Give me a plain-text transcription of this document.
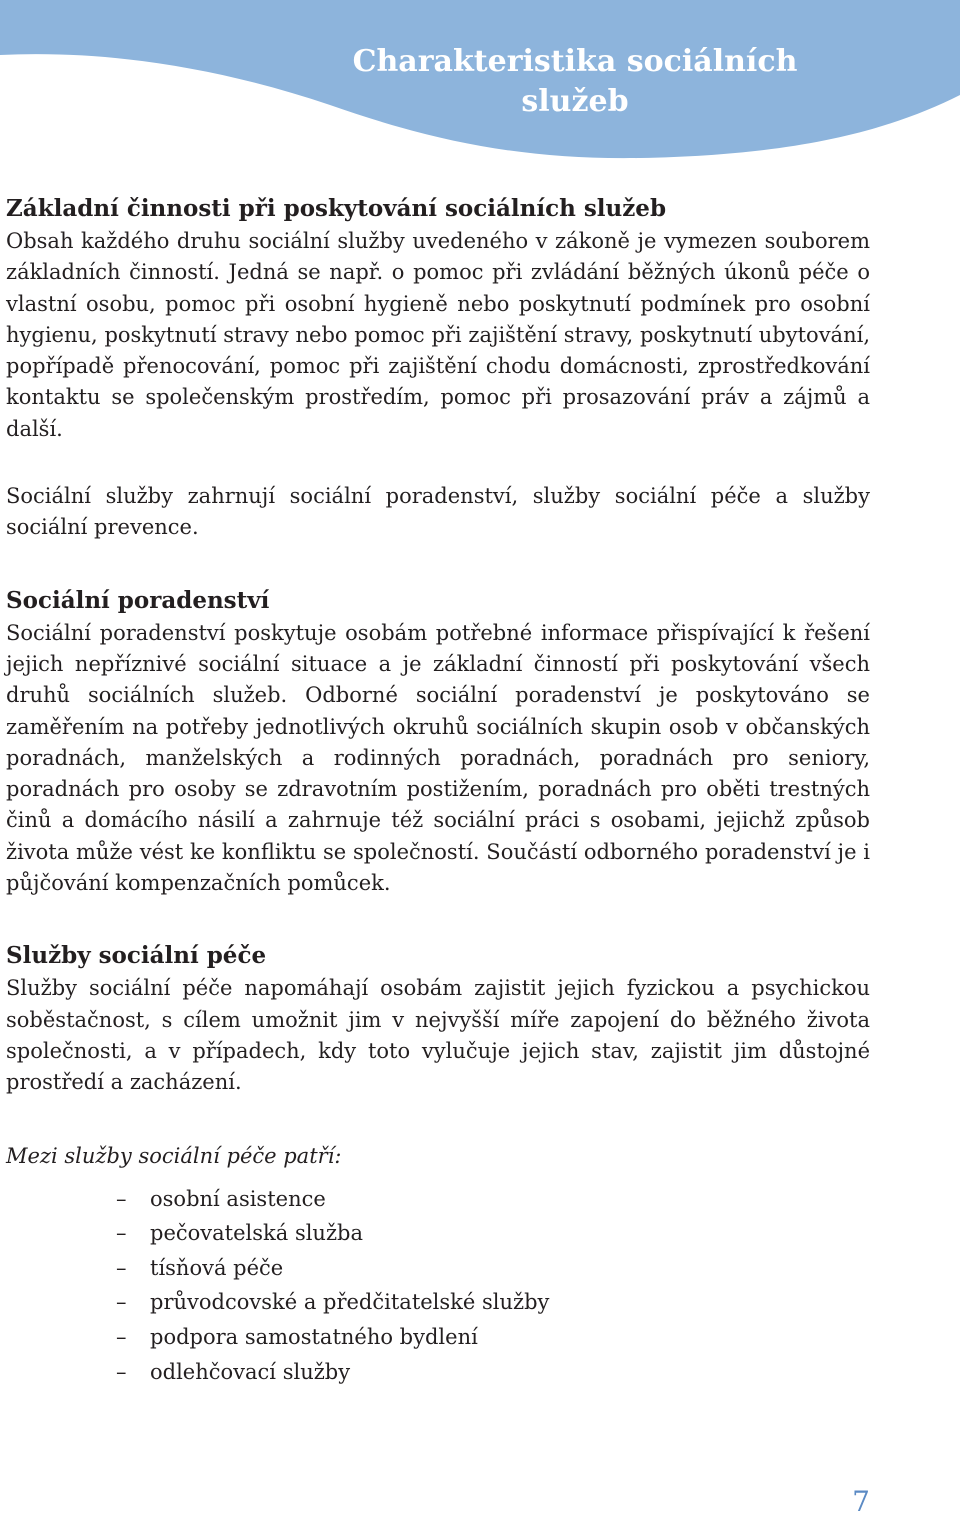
Charakteristika sociálních služeb
Základní činnosti při poskytování sociálních služeb

Obsah každého druhu sociální služby uvedeného v zákoně je vymezen souborem základních činností. Jedná se např. o pomoc při zvládání běžných úkonů péče o vlastní osobu, pomoc při osobní hygieně nebo poskytnutí podmínek pro osobní hygienu, poskytnutí stravy nebo pomoc při zajištění stravy, poskytnutí ubytování, popřípadě přenocování, pomoc při zajištění chodu domácnosti, zprostředkování kontaktu se společenským prostředím, pomoc při prosazování práv a zájmů a další.

Sociální služby zahrnují sociální poradenství, služby sociální péče a služby sociální prevence.

Sociální poradenství

Sociální poradenství poskytuje osobám potřebné informace přispívající k řešení jejich nepříznivé sociální situace a je základní činností při poskytování všech druhů sociálních služeb. Odborné sociální poradenství je poskytováno se zaměřením na potřeby jednotlivých okruhů sociálních skupin osob v občanských poradnách, manželských a rodinných poradnách, poradnách pro seniory, poradnách pro osoby se zdravotním postižením, poradnách pro oběti trestných činů a domácího násilí a zahrnuje též sociální práci s osobami, jejichž způsob života může vést ke konfliktu se společností. Součástí odborného poradenství je i půjčování kompenzačních pomůcek.

Služby sociální péče

Služby sociální péče napomáhají osobám zajistit jejich fyzickou a psychickou soběstačnost, s cílem umožnit jim v nejvyšší míře zapojení do běžného života společnosti, a v případech, kdy toto vylučuje jejich stav, zajistit jim důstojné prostředí a zacházení.

Mezi služby sociální péče patří:
–	osobní asistence
–	pečovatelská služba
–	tísňová péče
–	průvodcovské a předčitatelské služby
–	podpora samostatného bydlení
–	odlehčovací služby
7
